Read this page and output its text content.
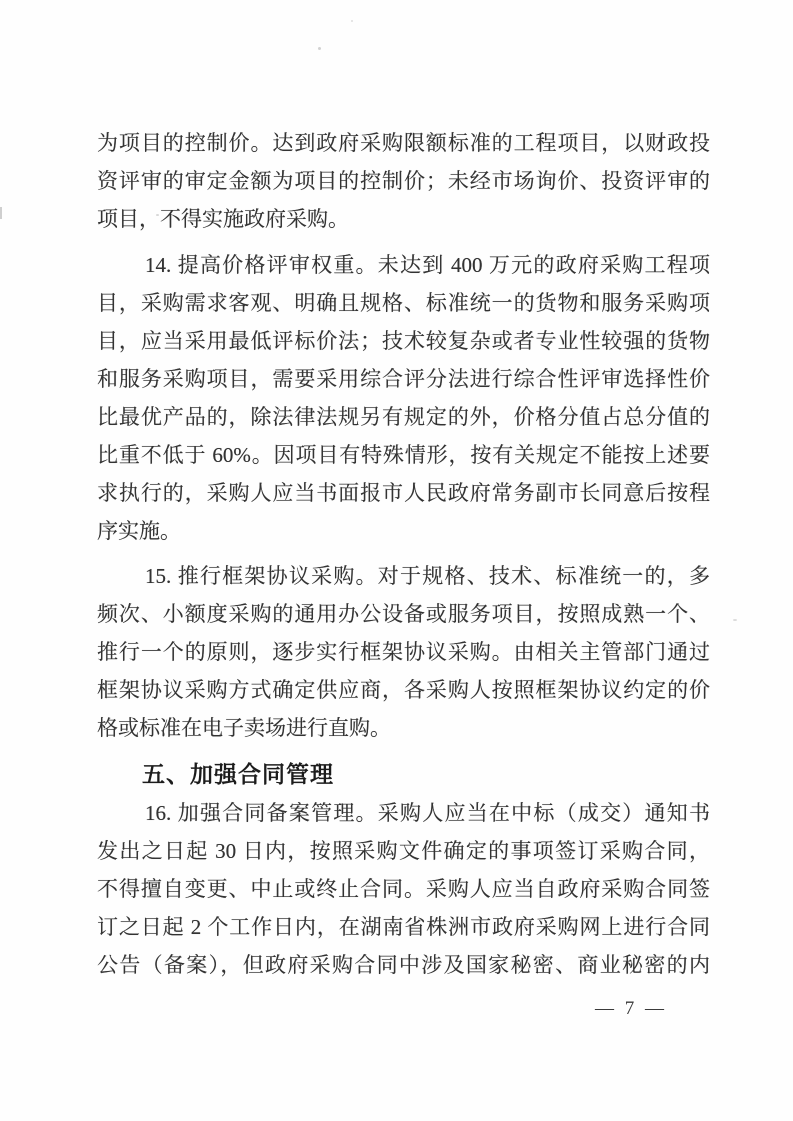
为项目的控制价。达到政府采购限额标准的工程项目，以财政投
资评审的审定金额为项目的控制价；未经市场询价、投资评审的
项目，不得实施政府采购。
14. 提高价格评审权重。未达到 400 万元的政府采购工程项
目，采购需求客观、明确且规格、标准统一的货物和服务采购项
目，应当采用最低评标价法；技术较复杂或者专业性较强的货物
和服务采购项目，需要采用综合评分法进行综合性评审选择性价
比最优产品的，除法律法规另有规定的外，价格分值占总分值的
比重不低于 60%。因项目有特殊情形，按有关规定不能按上述要
求执行的，采购人应当书面报市人民政府常务副市长同意后按程
序实施。
15. 推行框架协议采购。对于规格、技术、标准统一的，多
频次、小额度采购的通用办公设备或服务项目，按照成熟一个、
推行一个的原则，逐步实行框架协议采购。由相关主管部门通过
框架协议采购方式确定供应商，各采购人按照框架协议约定的价
格或标准在电子卖场进行直购。
五、加强合同管理
16. 加强合同备案管理。采购人应当在中标（成交）通知书
发出之日起 30 日内，按照采购文件确定的事项签订采购合同，
不得擅自变更、中止或终止合同。采购人应当自政府采购合同签
订之日起 2 个工作日内，在湖南省株洲市政府采购网上进行合同
公告（备案），但政府采购合同中涉及国家秘密、商业秘密的内
— 7 —
